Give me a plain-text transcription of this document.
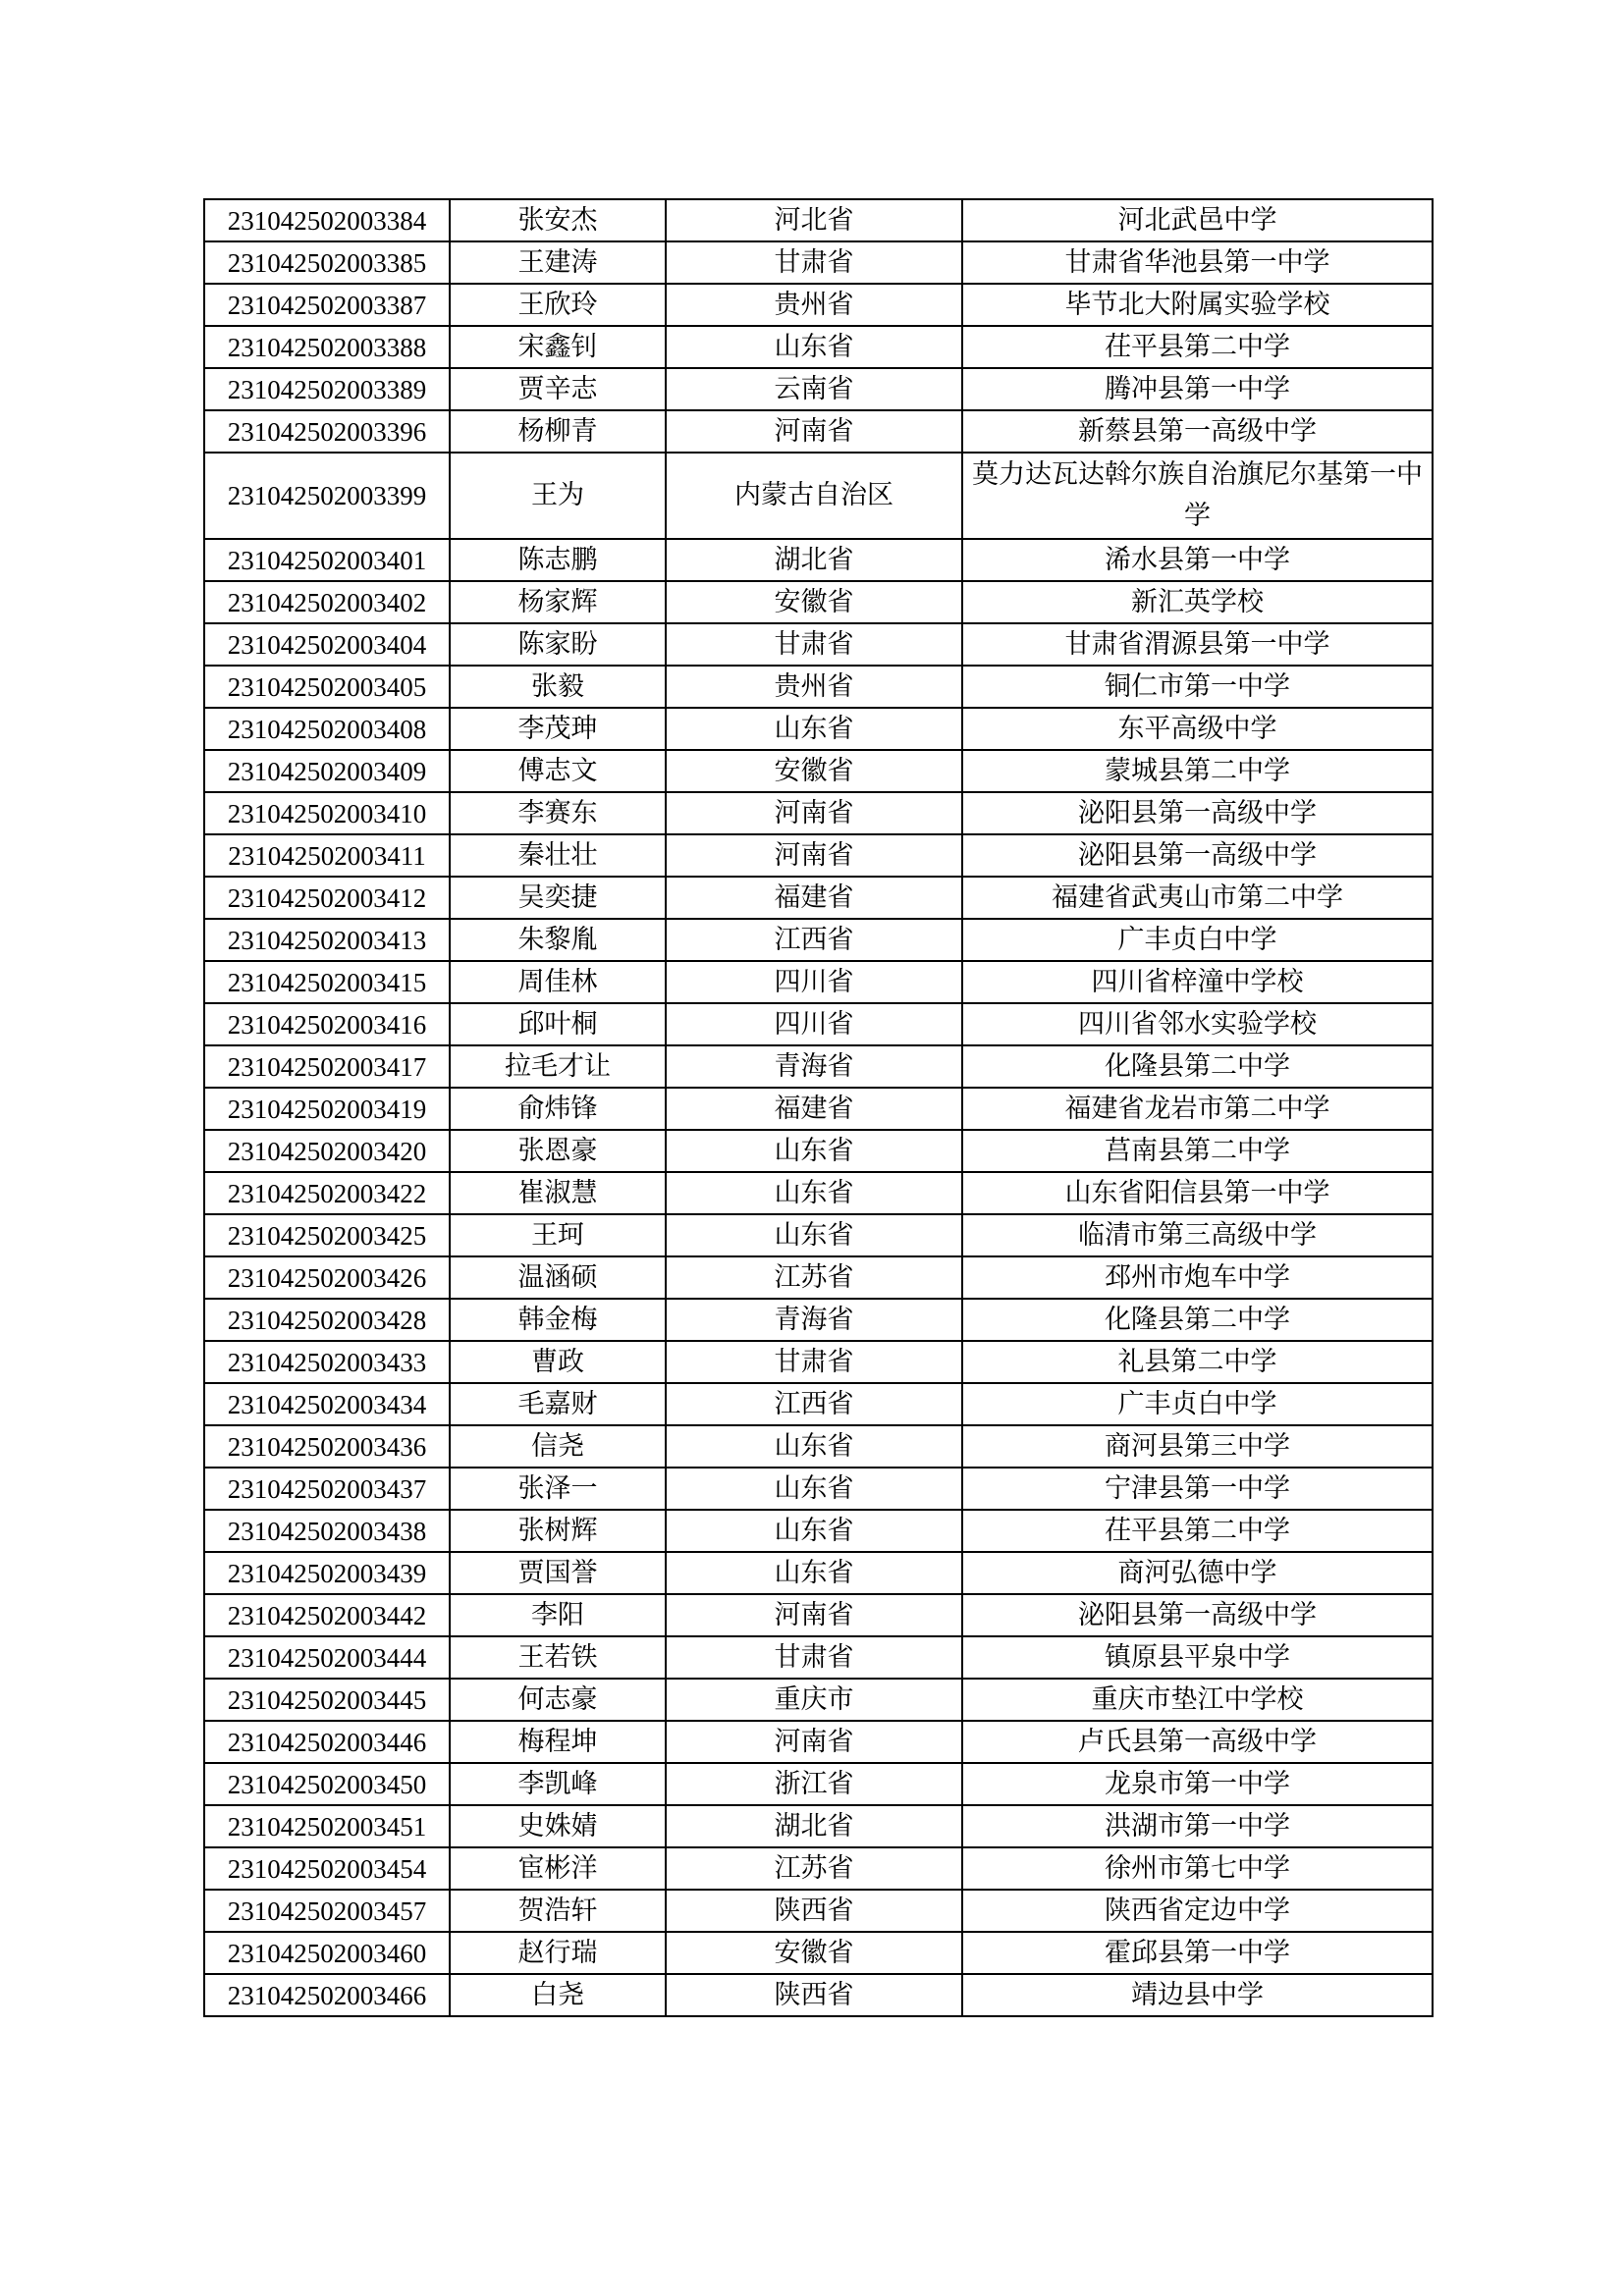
231042502003384	张安杰	河北省	河北武邑中学
231042502003385	王建涛	甘肃省	甘肃省华池县第一中学
231042502003387	王欣玲	贵州省	毕节北大附属实验学校
231042502003388	宋鑫钊	山东省	茌平县第二中学
231042502003389	贾辛志	云南省	腾冲县第一中学
231042502003396	杨柳青	河南省	新蔡县第一高级中学
231042502003399	王为	内蒙古自治区	莫力达瓦达斡尔族自治旗尼尔基第一中学
231042502003401	陈志鹏	湖北省	浠水县第一中学
231042502003402	杨家辉	安徽省	新汇英学校
231042502003404	陈家盼	甘肃省	甘肃省渭源县第一中学
231042502003405	张毅	贵州省	铜仁市第一中学
231042502003408	李茂珅	山东省	东平高级中学
231042502003409	傅志文	安徽省	蒙城县第二中学
231042502003410	李赛东	河南省	泌阳县第一高级中学
231042502003411	秦壮壮	河南省	泌阳县第一高级中学
231042502003412	吴奕捷	福建省	福建省武夷山市第二中学
231042502003413	朱黎胤	江西省	广丰贞白中学
231042502003415	周佳林	四川省	四川省梓潼中学校
231042502003416	邱叶桐	四川省	四川省邻水实验学校
231042502003417	拉毛才让	青海省	化隆县第二中学
231042502003419	俞炜锋	福建省	福建省龙岩市第二中学
231042502003420	张恩豪	山东省	莒南县第二中学
231042502003422	崔淑慧	山东省	山东省阳信县第一中学
231042502003425	王珂	山东省	临清市第三高级中学
231042502003426	温涵硕	江苏省	邳州市炮车中学
231042502003428	韩金梅	青海省	化隆县第二中学
231042502003433	曹政	甘肃省	礼县第二中学
231042502003434	毛嘉财	江西省	广丰贞白中学
231042502003436	信尧	山东省	商河县第三中学
231042502003437	张泽一	山东省	宁津县第一中学
231042502003438	张树辉	山东省	茌平县第二中学
231042502003439	贾国誉	山东省	商河弘德中学
231042502003442	李阳	河南省	泌阳县第一高级中学
231042502003444	王若铁	甘肃省	镇原县平泉中学
231042502003445	何志豪	重庆市	重庆市垫江中学校
231042502003446	梅程坤	河南省	卢氏县第一高级中学
231042502003450	李凯峰	浙江省	龙泉市第一中学
231042502003451	史姝婧	湖北省	洪湖市第一中学
231042502003454	宦彬洋	江苏省	徐州市第七中学
231042502003457	贺浩轩	陕西省	陕西省定边中学
231042502003460	赵行瑞	安徽省	霍邱县第一中学
231042502003466	白尧	陕西省	靖边县中学
